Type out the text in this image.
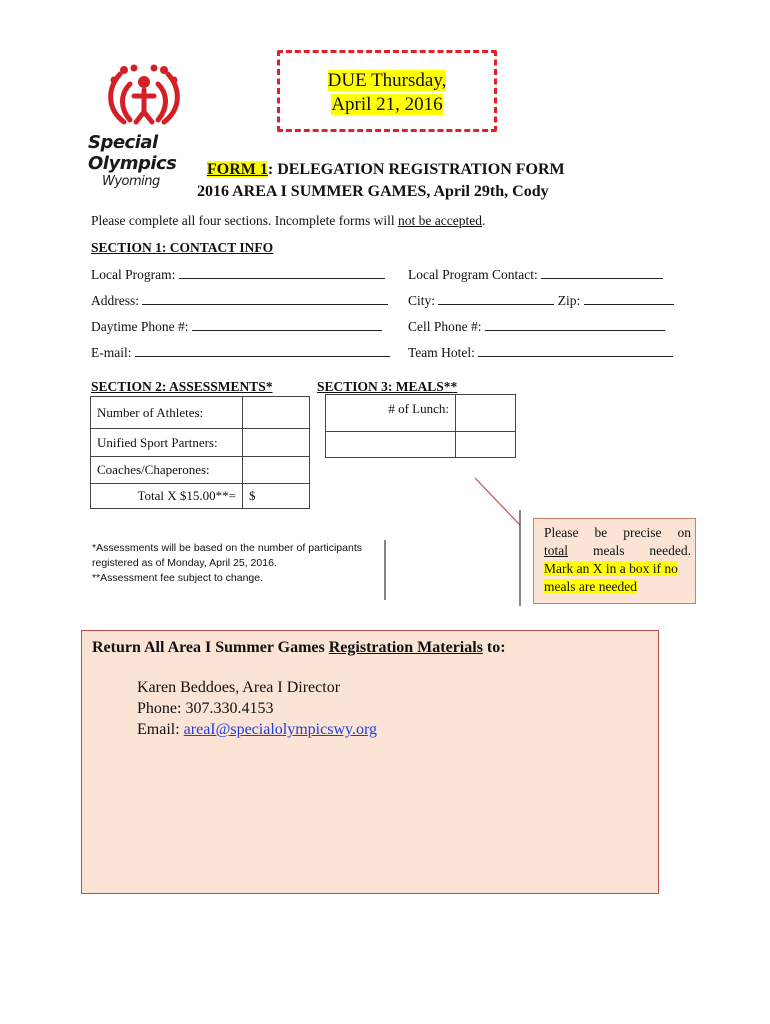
Special
Olympics
Wyoming
DUE Thursday,
April 21, 2016
FORM 1: DELEGATION REGISTRATION FORM
2016 AREA I SUMMER GAMES, April 29th, Cody
Please complete all four sections. Incomplete forms will not be accepted.
SECTION 1: CONTACT INFO
Local Program:	Local Program Contact:
Address:	City:	Zip:
Daytime Phone #:	Cell Phone #:
E-mail:	Team Hotel:
SECTION 2: ASSESSMENTS*
Number of Athletes:	
Unified Sport Partners:	
Coaches/Chaperones:	
Total X $15.00**=	$
SECTION 3: MEALS**
# of Lunch:	

Please be precise on
total meals needed.
Mark an X in a box if no
meals are needed
*Assessments will be based on the number of participants registered as of Monday, April 25, 2016.
**Assessment fee subject to change.
Return All Area I Summer Games Registration Materials to:
Karen Beddoes, Area I Director
Phone: 307.330.4153
Email: areaI@specialolympicswy.org
